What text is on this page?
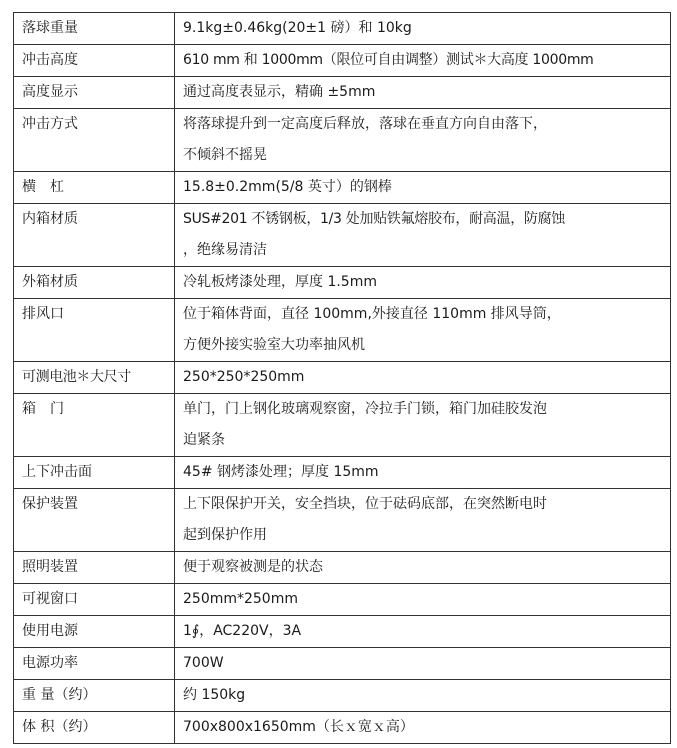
落球重量	9.1kg±0.46kg(20±1 磅）和 10kg

冲击高度	610 mm 和 1000mm（限位可自由调整）测试＊大高度 1000mm

高度显示	通过高度表显示，精确 ±5mm

冲击方式	将落球提升到一定高度后释放，落球在垂直方向自由落下，
不倾斜不摇晃

横　杠	15.8±0.2mm(5/8 英寸）的钢棒

内箱材质	SUS#201 不锈钢板，1/3 处加贴铁氟熔胶布，耐高温，防腐蚀
，绝缘易清洁

外箱材质	冷轧板烤漆处理，厚度 1.5mm

排风口	位于箱体背面，直径 100mm,外接直径 110mm 排风导筒，
方便外接实验室大功率抽风机

可测电池＊大尺寸	250*250*250mm

箱　门	单门，门上钢化玻璃观察窗，冷拉手门锁，箱门加硅胶发泡
迫紧条

上下冲击面	45# 钢烤漆处理；厚度 15mm

保护装置	上下限保护开关，安全挡块，位于砝码底部，在突然断电时
起到保护作用

照明装置	便于观察被测是的状态

可视窗口	250mm*250mm

使用电源	1∮，AC220V，3A

电源功率	700W

重 量（约）	约 150kg

体 积（约）	700x800x1650mm（长ｘ宽ｘ高）
